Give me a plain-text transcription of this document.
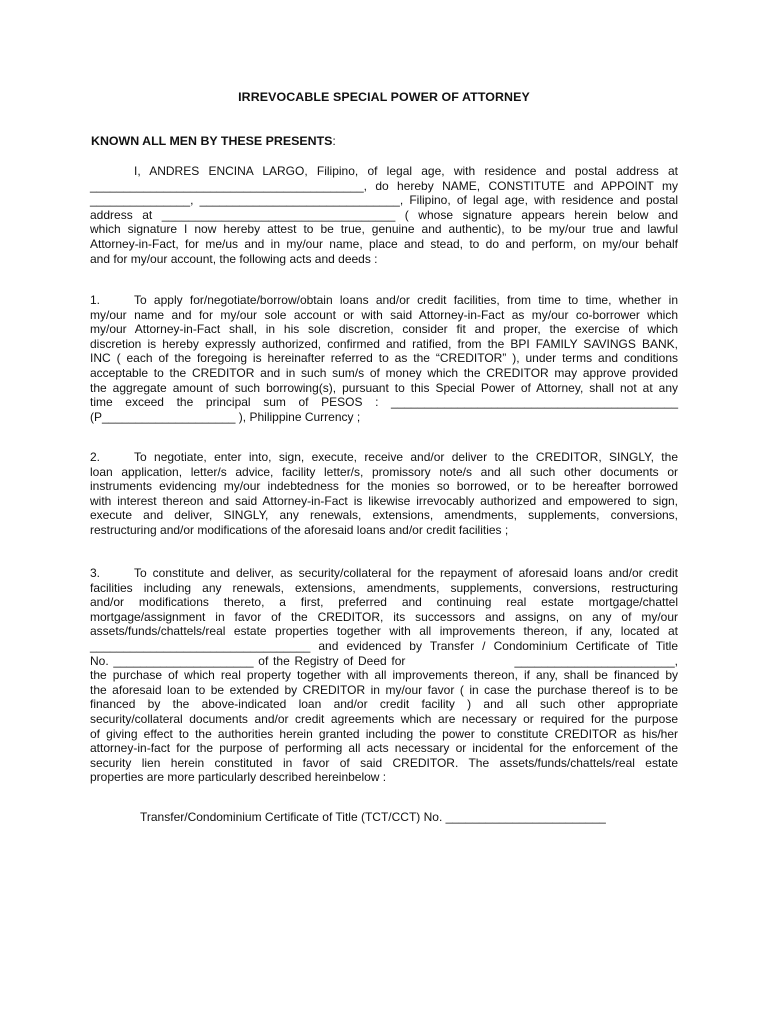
IRREVOCABLE SPECIAL POWER OF ATTORNEY
KNOWN ALL MEN BY THESE PRESENTS:
I, ANDRES ENCINA LARGO, Filipino, of legal age, with residence and postal address at
_________________________________________, do hereby NAME, CONSTITUTE and APPOINT my
_______________, ______________________________, Filipino, of legal age, with residence and postal
address at ___________________________________ ( whose signature appears herein below and
which signature I now hereby attest to be true, genuine and authentic), to be my/our true and lawful
Attorney-in-Fact, for me/us and in my/our name, place and stead, to do and perform, on my/our behalf
and for my/our account, the following acts and deeds :
1.	To apply for/negotiate/borrow/obtain loans and/or credit facilities, from time to time, whether in
my/our name and for my/our sole account or with said Attorney-in-Fact as my/our co-borrower which
my/our Attorney-in-Fact shall, in his sole discretion, consider fit and proper, the exercise of which
discretion is hereby expressly authorized, confirmed and ratified, from the BPI FAMILY SAVINGS BANK,
INC ( each of the foregoing is hereinafter referred to as the “CREDITOR” ), under terms and conditions
acceptable to the CREDITOR and in such sum/s of money which the CREDITOR may approve provided
the aggregate amount of such borrowing(s), pursuant to this Special Power of Attorney, shall not at any
time exceed the principal sum of PESOS : ___________________________________________
(P____________________ ), Philippine Currency ;
2.	To negotiate, enter into, sign, execute, receive and/or deliver to the CREDITOR, SINGLY, the
loan application, letter/s advice, facility letter/s, promissory note/s and all such other documents or
instruments evidencing my/our indebtedness for the monies so borrowed, or to be hereafter borrowed
with interest thereon and said Attorney-in-Fact is likewise irrevocably authorized and empowered to sign,
execute and deliver, SINGLY, any renewals, extensions, amendments, supplements, conversions,
restructuring and/or modifications of the aforesaid loans and/or credit facilities ;
3.	To constitute and deliver, as security/collateral for the repayment of aforesaid loans and/or credit
facilities including any renewals, extensions, amendments, supplements, conversions, restructuring
and/or modifications thereto, a first, preferred and continuing real estate mortgage/chattel
mortgage/assignment in favor of the CREDITOR, its successors and assigns, on any of my/our
assets/funds/chattels/real estate properties together with all improvements thereon, if any, located at
_________________________________ and evidenced by Transfer / Condominium Certificate of Title
No. _____________________ of the Registry of Deed for                       ________________________,
the purchase of which real property together with all improvements thereon, if any, shall be financed by
the aforesaid loan to be extended by CREDITOR in my/our favor ( in case the purchase thereof is to be
financed by the above-indicated loan and/or credit facility ) and all such other appropriate
security/collateral documents and/or credit agreements which are necessary or required for the purpose
of giving effect to the authorities herein granted including the power to constitute CREDITOR as his/her
attorney-in-fact for the purpose of performing all acts necessary or incidental for the enforcement of the
security lien herein constituted in favor of said CREDITOR. The assets/funds/chattels/real estate
properties are more particularly described hereinbelow :
Transfer/Condominium Certificate of Title (TCT/CCT) No. ________________________
